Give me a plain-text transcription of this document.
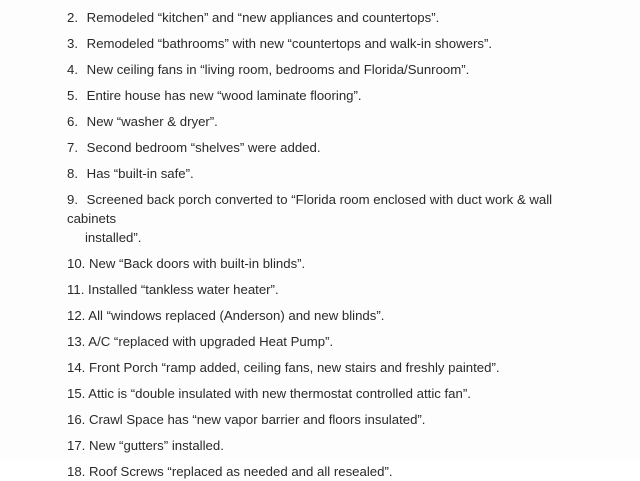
2. Remodeled “kitchen” and “new appliances and countertops”.
3. Remodeled “bathrooms” with new “countertops and walk-in showers”.
4. New ceiling fans in “living room, bedrooms and Florida/Sunroom”.
5. Entire house has new “wood laminate flooring”.
6. New “washer & dryer”.
7. Second bedroom “shelves” were added.
8. Has “built-in safe”.
9. Screened back porch converted to “Florida room enclosed with duct work & wall cabinets
installed”.
10. New “Back doors with built-in blinds”.
11. Installed “tankless water heater”.
12. All “windows replaced (Anderson) and new blinds”.
13. A/C “replaced with upgraded Heat Pump”.
14. Front Porch “ramp added, ceiling fans, new stairs and freshly painted”.
15. Attic is “double insulated with new thermostat controlled attic fan”.
16. Crawl Space has “new vapor barrier and floors insulated”.
17. New “gutters” installed.
18. Roof Screws “replaced as needed and all resealed”.
